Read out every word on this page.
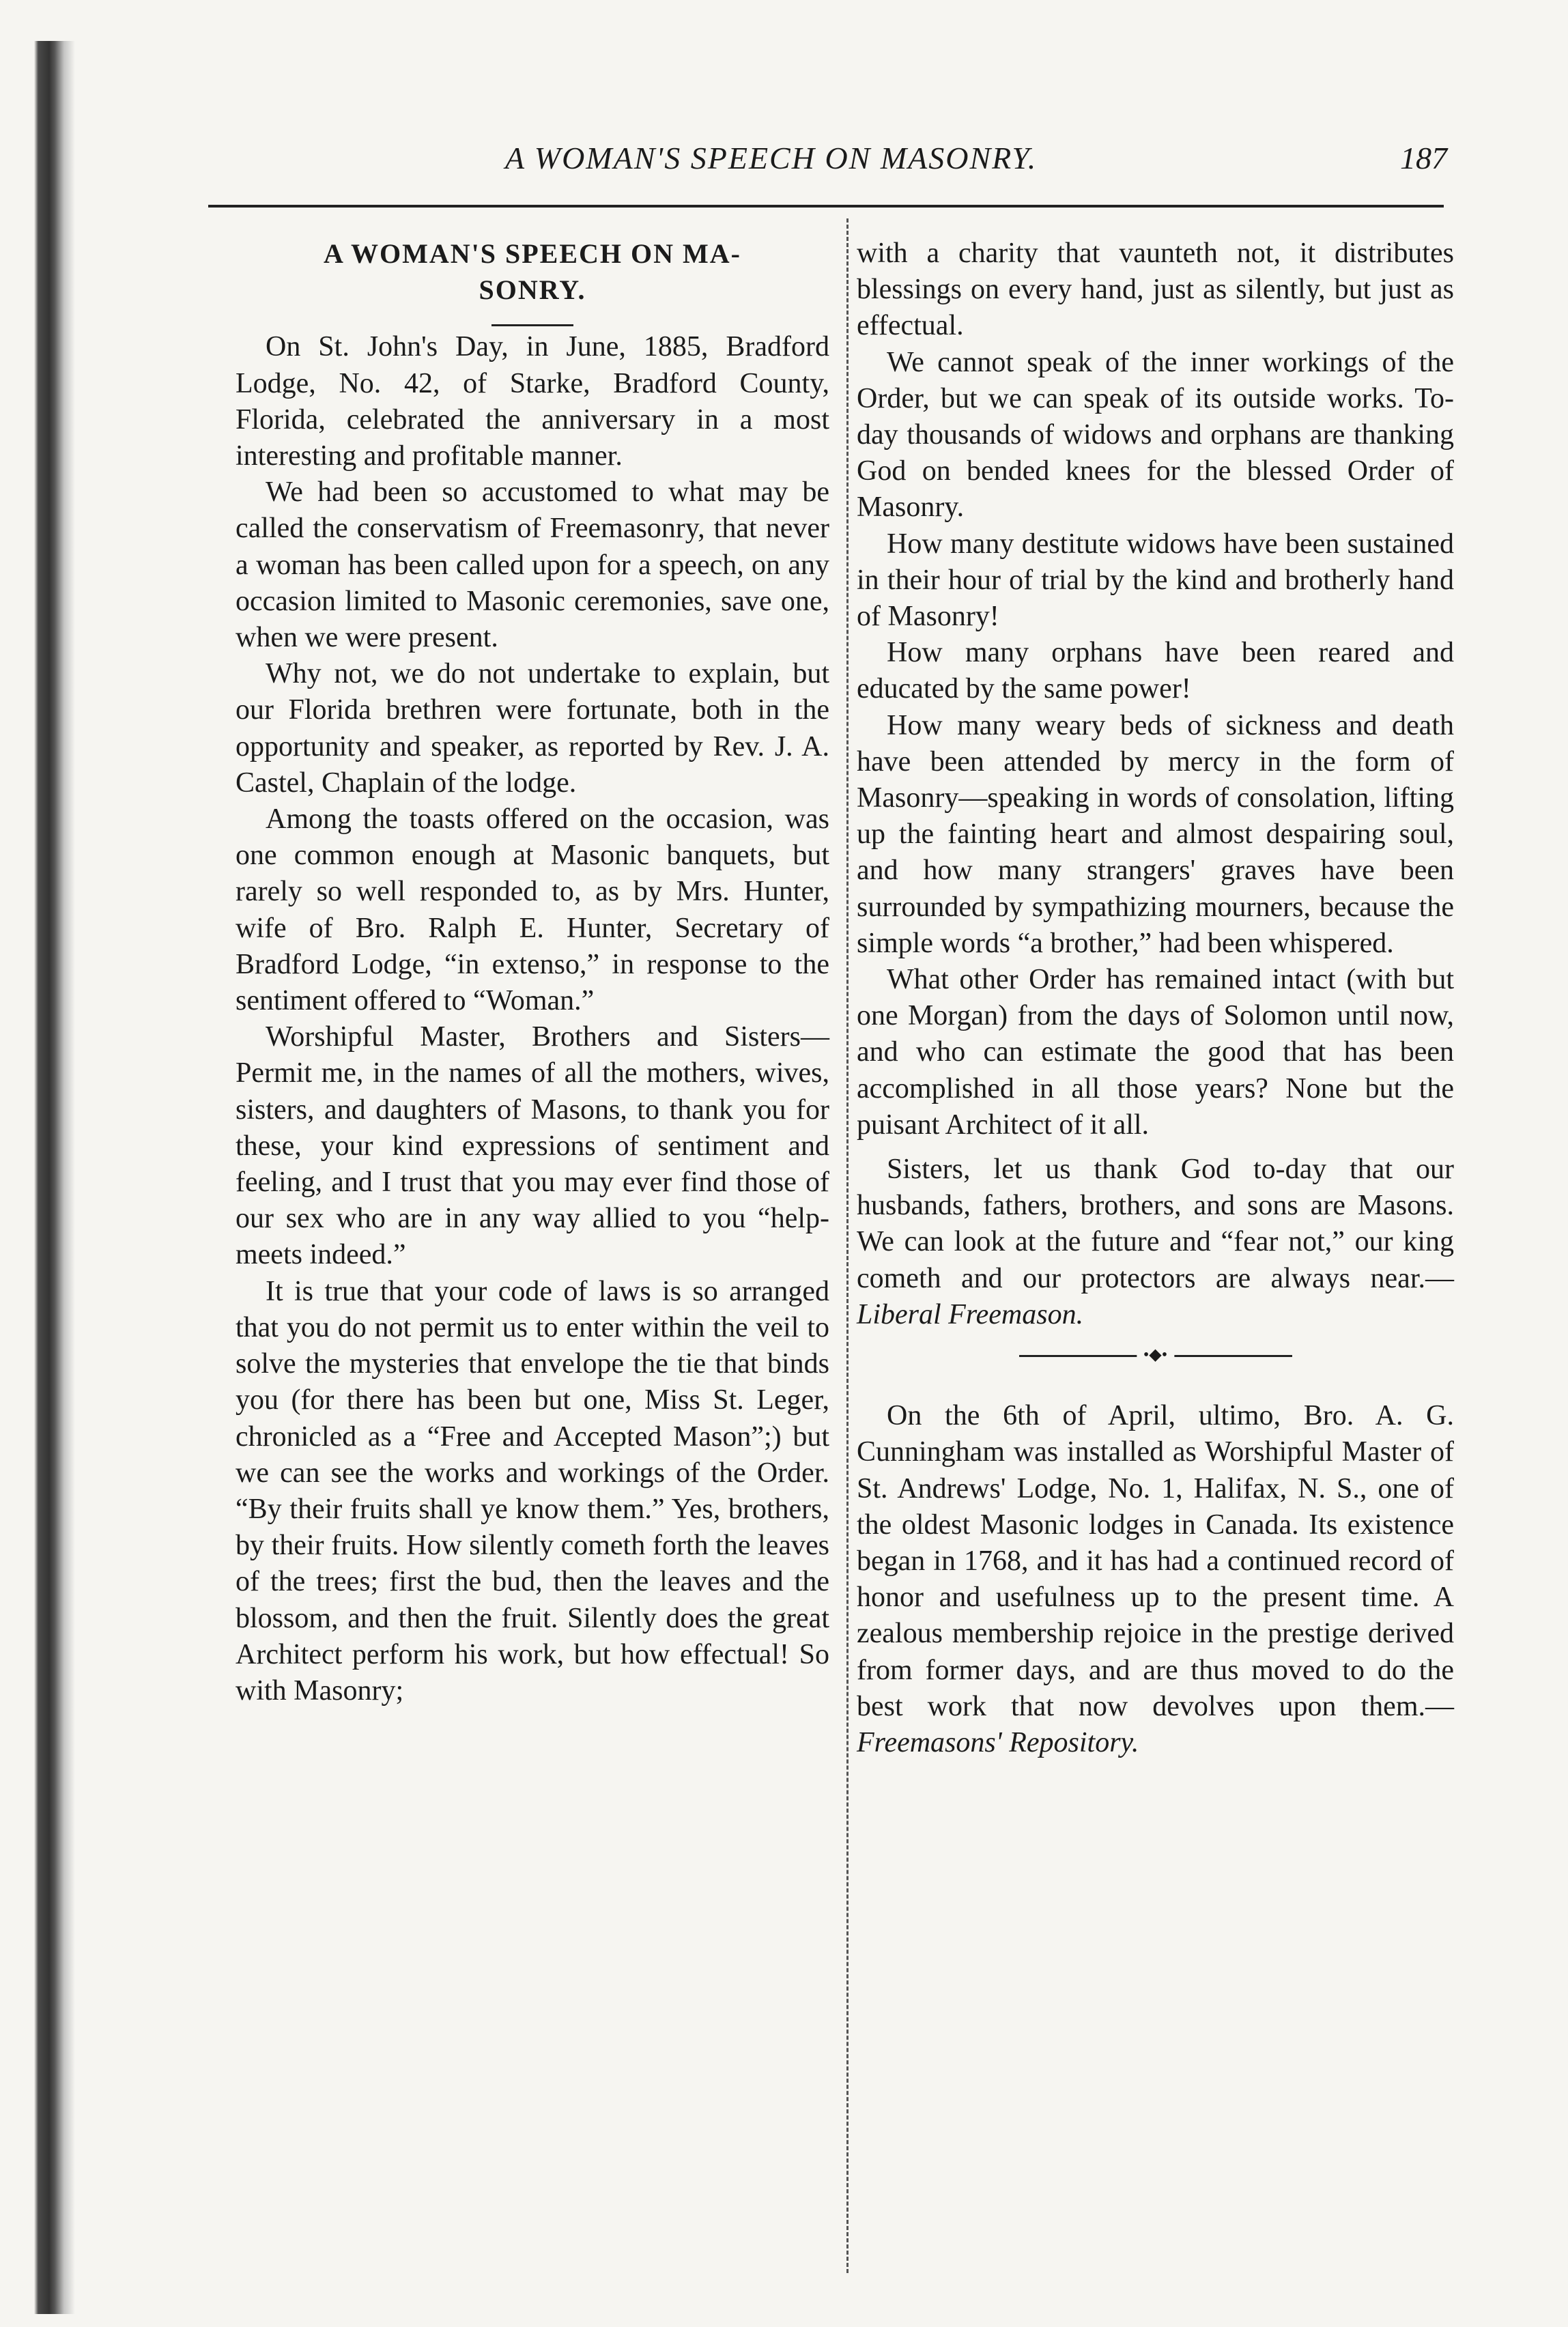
A WOMAN'S SPEECH ON MASONRY.	187
A WOMAN'S SPEECH ON MA-
SONRY.

On St. John's Day, in June, 1885, Bradford Lodge, No. 42, of Starke, Bradford County, Florida, celebrated the anniversary in a most interesting and profitable manner.

We had been so accustomed to what may be called the conservatism of Freemasonry, that never a woman has been called upon for a speech, on any occasion limited to Masonic ceremonies, save one, when we were present.

Why not, we do not undertake to explain, but our Florida brethren were fortunate, both in the opportunity and speaker, as reported by Rev. J. A. Castel, Chaplain of the lodge.

Among the toasts offered on the occasion, was one common enough at Masonic banquets, but rarely so well responded to, as by Mrs. Hunter, wife of Bro. Ralph E. Hunter, Secretary of Bradford Lodge, “in extenso,” in response to the sentiment offered to “Woman.”

Worshipful Master, Brothers and Sisters—Permit me, in the names of all the mothers, wives, sisters, and daughters of Masons, to thank you for these, your kind expressions of sentiment and feeling, and I trust that you may ever find those of our sex who are in any way allied to you “help-meets indeed.”

It is true that your code of laws is so arranged that you do not permit us to enter within the veil to solve the mysteries that envelope the tie that binds you (for there has been but one, Miss St. Leger, chronicled as a “Free and Accepted Mason”;) but we can see the works and workings of the Order. “By their fruits shall ye know them.” Yes, brothers, by their fruits. How silently cometh forth the leaves of the trees; first the bud, then the leaves and the blossom, and then the fruit. Silently does the great Architect perform his work, but how effectual! So with Masonry;

with a charity that vaunteth not, it distributes blessings on every hand, just as silently, but just as effectual.

We cannot speak of the inner workings of the Order, but we can speak of its outside works. To-day thousands of widows and orphans are thanking God on bended knees for the blessed Order of Masonry.

How many destitute widows have been sustained in their hour of trial by the kind and brotherly hand of Masonry!

How many orphans have been reared and educated by the same power!

How many weary beds of sickness and death have been attended by mercy in the form of Masonry—speaking in words of consolation, lifting up the fainting heart and almost despairing soul, and how many strangers' graves have been surrounded by sympathizing mourners, because the simple words “a brother,” had been whispered.

What other Order has remained intact (with but one Morgan) from the days of Solomon until now, and who can estimate the good that has been accomplished in all those years? None but the puisant Architect of it all.

Sisters, let us thank God to-day that our husbands, fathers, brothers, and sons are Masons. We can look at the future and “fear not,” our king cometh and our protectors are always near.—Liberal Freemason.

•◆•

On the 6th of April, ultimo, Bro. A. G. Cunningham was installed as Worshipful Master of St. Andrews' Lodge, No. 1, Halifax, N. S., one of the oldest Masonic lodges in Canada. Its existence began in 1768, and it has had a continued record of honor and usefulness up to the present time. A zealous membership rejoice in the prestige derived from former days, and are thus moved to do the best work that now devolves upon them.—Freemasons' Repository.
